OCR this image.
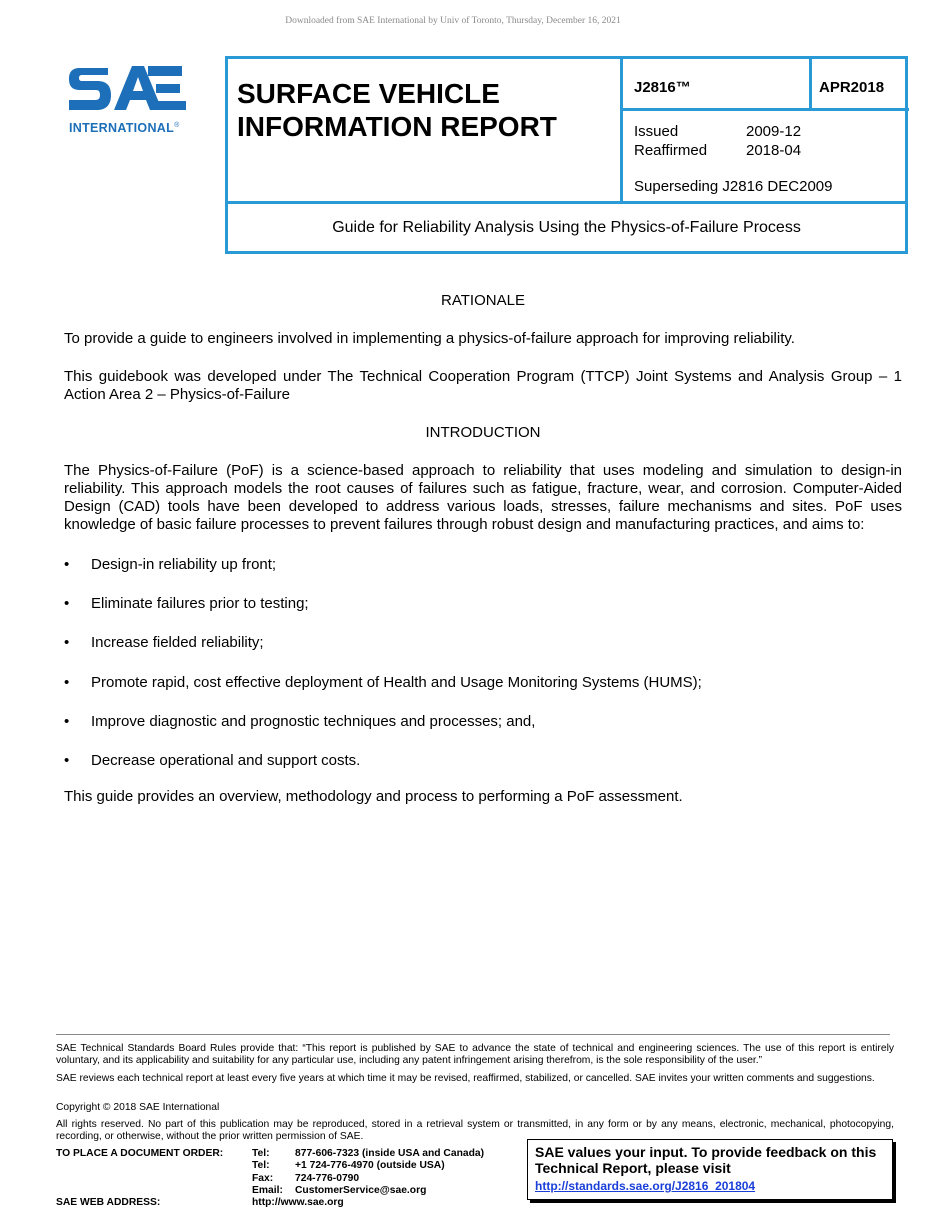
Downloaded from SAE International by Univ of Toronto, Thursday, December 16, 2021
INTERNATIONAL®
SURFACE VEHICLE
INFORMATION REPORT
J2816™	APR2018
Issued
Reaffirmed
2009-12
2018-04
Superseding J2816 DEC2009
Guide for Reliability Analysis Using the Physics-of-Failure Process
RATIONALE

To provide a guide to engineers involved in implementing a physics-of-failure approach for improving reliability.

This guidebook was developed under The Technical Cooperation Program (TTCP) Joint Systems and Analysis Group – 1 Action Area 2 – Physics-of-Failure

INTRODUCTION

The Physics-of-Failure (PoF) is a science-based approach to reliability that uses modeling and simulation to design-in reliability. This approach models the root causes of failures such as fatigue, fracture, wear, and corrosion. Computer-Aided Design (CAD) tools have been developed to address various loads, stresses, failure mechanisms and sites. PoF uses knowledge of basic failure processes to prevent failures through robust design and manufacturing practices, and aims to:

• Design-in reliability up front;
• Eliminate failures prior to testing;
• Increase fielded reliability;
• Promote rapid, cost effective deployment of Health and Usage Monitoring Systems (HUMS);
• Improve diagnostic and prognostic techniques and processes; and,
• Decrease operational and support costs.

This guide provides an overview, methodology and process to performing a PoF assessment.

SAE Technical Standards Board Rules provide that: “This report is published by SAE to advance the state of technical and engineering sciences. The use of this report is entirely voluntary, and its applicability and suitability for any particular use, including any patent infringement arising therefrom, is the sole responsibility of the user.”
SAE reviews each technical report at least every five years at which time it may be revised, reaffirmed, stabilized, or cancelled. SAE invites your written comments and suggestions.
Copyright © 2018 SAE International
All rights reserved. No part of this publication may be reproduced, stored in a retrieval system or transmitted, in any form or by any means, electronic, mechanical, photocopying, recording, or otherwise, without the prior written permission of SAE.
TO PLACE A DOCUMENT ORDER:	Tel: 877-606-7323 (inside USA and Canada)
Tel: +1 724-776-4970 (outside USA)
Fax: 724-776-0790
Email: CustomerService@sae.org
http://www.sae.org
SAE WEB ADDRESS:
SAE values your input. To provide feedback on this
Technical Report, please visit
http://standards.sae.org/J2816_201804
